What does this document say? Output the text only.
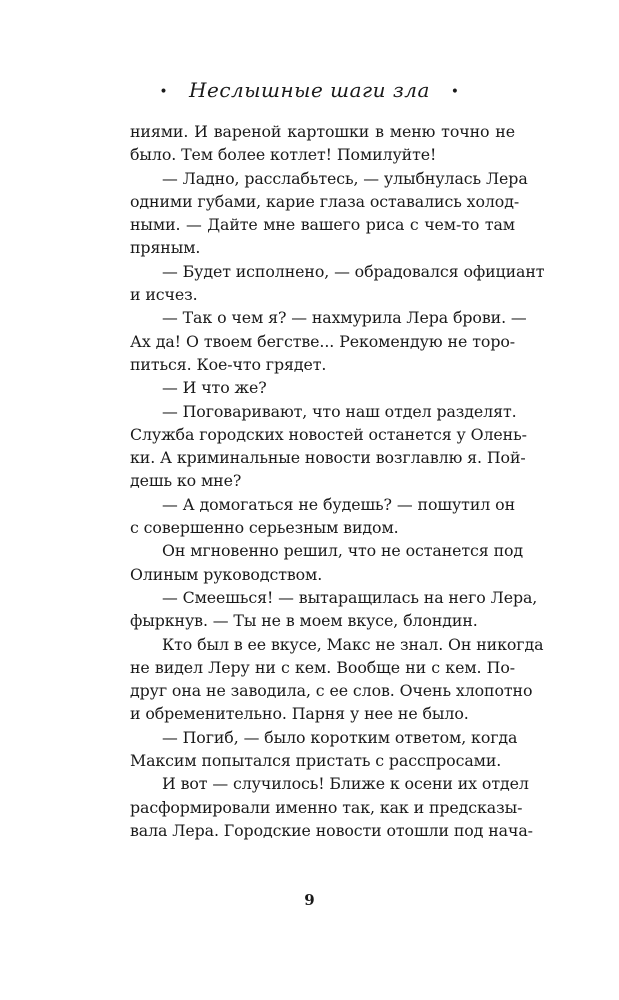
• Неслышные шаги зла •
ниями. И вареной картошки в меню точно не
было. Тем более котлет! Помилуйте!
— Ладно, расслабьтесь, — улыбнулась Лера
одними губами, карие глаза оставались холод-
ными. — Дайте мне вашего риса с чем-то там
пряным.
— Будет исполнено, — обрадовался официант
и исчез.
— Так о чем я? — нахмурила Лера брови. —
Ах да! О твоем бегстве... Рекомендую не торо-
питься. Кое-что грядет.
— И что же?
— Поговаривают, что наш отдел разделят.
Служба городских новостей останется у Олень-
ки. А криминальные новости возглавлю я. Пой-
дешь ко мне?
— А домогаться не будешь? — пошутил он
с совершенно серьезным видом.
Он мгновенно решил, что не останется под
Олиным руководством.
— Смеешься! — вытаращилась на него Лера,
фыркнув. — Ты не в моем вкусе, блондин.
Кто был в ее вкусе, Макс не знал. Он никогда
не видел Леру ни с кем. Вообще ни с кем. По-
друг она не заводила, с ее слов. Очень хлопотно
и обременительно. Парня у нее не было.
— Погиб, — было коротким ответом, когда
Максим попытался пристать с расспросами.
И вот — случилось! Ближе к осени их отдел
расформировали именно так, как и предсказы-
вала Лера. Городские новости отошли под нача-
9
